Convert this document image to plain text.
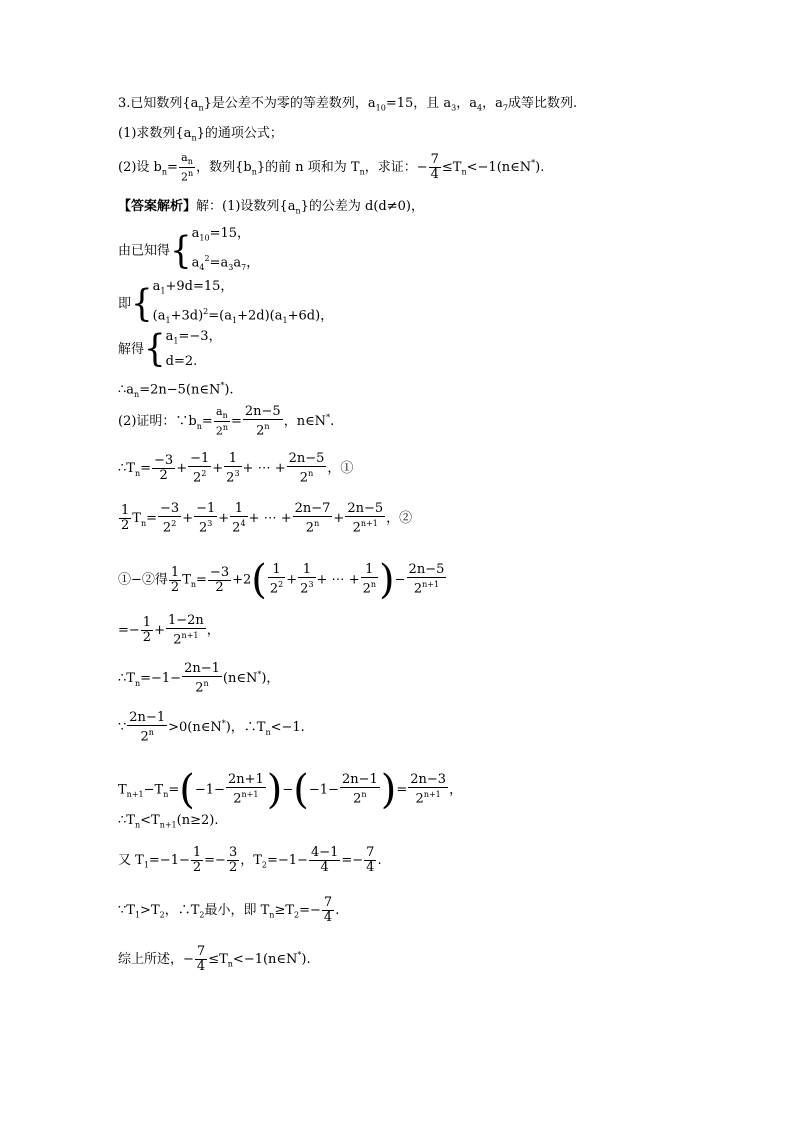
3.已知数列$\{a_n\}$是公差不为零的等差数列，$a_{10}=15$，且 $a_3$，$a_4$，$a_7$成等比数列.
(1)求数列$\{a_n\}$的通项公式；
(2)设 $b_n= \frac{a_n}{2^n}$ ，数列$\{b_n\}$的前 n 项和为 $T_n$，求证：− $\frac{7}{4}$ $\le T_n<-1(n\in N^*)$.
【答案解析】解：(1)设数列$\{a_n\}$的公差为 d(d≠0)，
由已知得{$a_{10}=15$，
$a_4^2=a_3a_7$，
即{$a_1+9d=15$，
$(a_1+3d)^2=(a_1+2d)(a_1+6d)$，
解得{$a_1=-3$，
d=2.
$\therefore a_n=2n-5(n\in N^*)$.
(2)证明：$\because b_n= \frac{a_n}{2^n} = \frac{2n-5}{2^n}$ ，n∈N*.
$\therefore T_n= \frac{-3}{2} + \frac{-1}{2^2} + \frac{1}{2^3}$ + ⋯ + $\frac{2n-5}{2^n}$ ，①
$\frac{1}{2} T_n= \frac{-3}{2^2} + \frac{-1}{2^3} + \frac{1}{2^4}$ + ⋯ + $\frac{2n-7}{2^n} + \frac{2n-5}{2^{n+1}}$ ，②
①−②得 $\frac{1}{2} T_n= \frac{-3}{2} +2( \frac{1}{2^2} + \frac{1}{2^3}$ + ⋯ + $\frac{1}{2^n}$ )− $\frac{2n-5}{2^{n+1}}$
=− $\frac{1}{2} + \frac{1-2n}{2^{n+1}}$ ，
$\therefore T_n=-1- \frac{2n-1}{2^n}$ (n∈N*)，
∵ $\frac{2n-1}{2^n}$ >0(n∈N*)，$\therefore T_n<-1$.
$T_{n+1}-T_n=(-1- \frac{2n+1}{2^{n+1}} )-(-1- \frac{2n-1}{2^n}$ )= $\frac{2n-3}{2^{n+1}}$ ，
$\therefore T_n<T_{n+1}(n\ge 2)$.
又 $T_1=-1- \frac{1}{2} =- \frac{3}{2}$ ，$T_2=-1- \frac{4-1}{4} =- \frac{7}{4}$ .
$\because T_1>T_2$，$\therefore T_2$最小，即 $T_n\ge T_2=- \frac{7}{4}$ .
综上所述，− $\frac{7}{4}$ $\le T_n<-1(n\in N^*)$.
